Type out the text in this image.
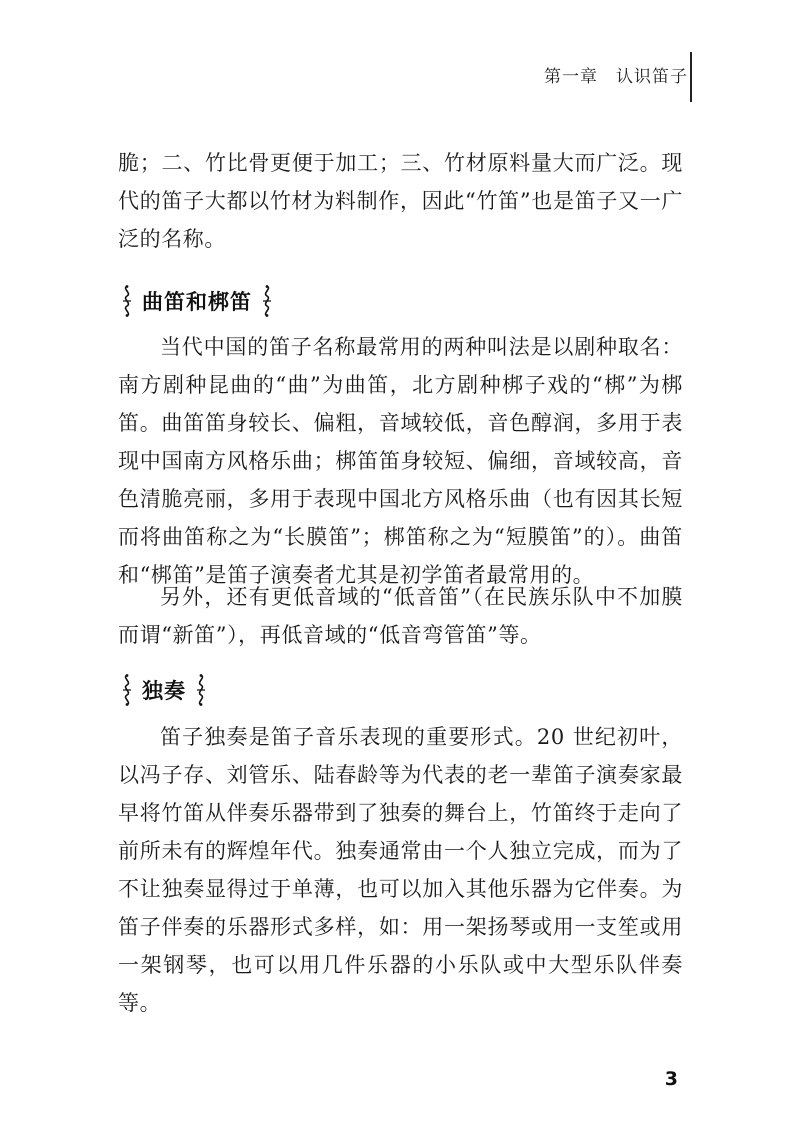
第一章　认识笛子

脆；二、竹比骨更便于加工；三、竹材原料量大而广泛。现代的笛子大都以竹材为料制作，因此“竹笛”也是笛子又一广泛的名称。

曲笛和梆笛

当代中国的笛子名称最常用的两种叫法是以剧种取名：南方剧种昆曲的“曲”为曲笛，北方剧种梆子戏的“梆”为梆笛。曲笛笛身较长、偏粗，音域较低，音色醇润，多用于表现中国南方风格乐曲；梆笛笛身较短、偏细，音域较高，音色清脆亮丽，多用于表现中国北方风格乐曲（也有因其长短而将曲笛称之为“长膜笛”；梆笛称之为“短膜笛”的）。曲笛和“梆笛”是笛子演奏者尤其是初学笛者最常用的。

另外，还有更低音域的“低音笛”（在民族乐队中不加膜而谓“新笛”），再低音域的“低音弯管笛”等。

独奏

笛子独奏是笛子音乐表现的重要形式。20 世纪初叶，以冯子存、刘管乐、陆春龄等为代表的老一辈笛子演奏家最早将竹笛从伴奏乐器带到了独奏的舞台上，竹笛终于走向了前所未有的辉煌年代。独奏通常由一个人独立完成，而为了不让独奏显得过于单薄，也可以加入其他乐器为它伴奏。为笛子伴奏的乐器形式多样，如：用一架扬琴或用一支笙或用一架钢琴，也可以用几件乐器的小乐队或中大型乐队伴奏等。

3
